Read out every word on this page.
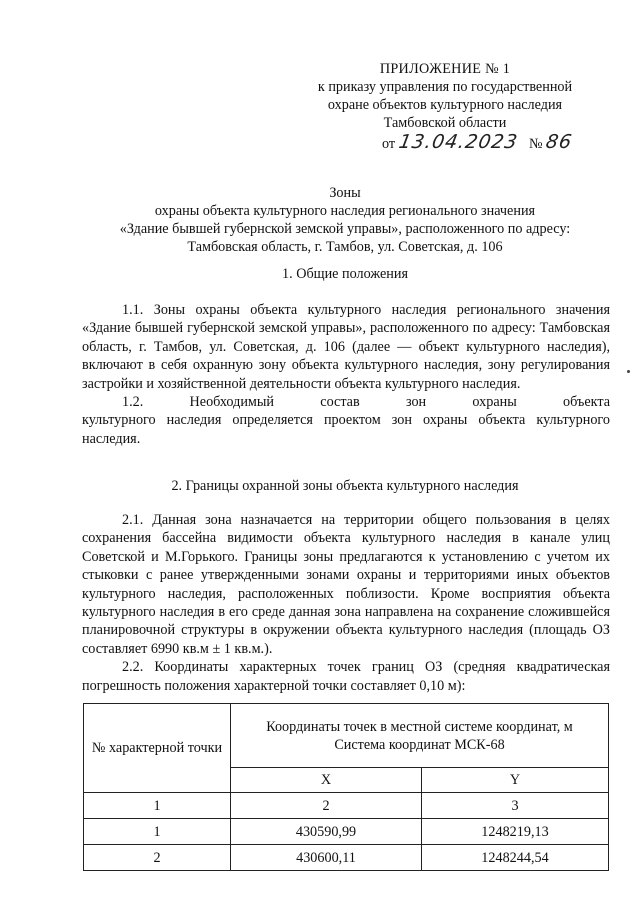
ПРИЛОЖЕНИЕ № 1
к приказу управления по государственной
охране объектов культурного наследия
Тамбовской области
от 13.04.2023 № 86
Зоны
охраны объекта культурного наследия регионального значения
«Здание бывшей губернской земской управы», расположенного по адресу:
Тамбовская область, г. Тамбов, ул. Советская, д. 106
1. Общие положения

1.1. Зоны охраны объекта культурного наследия регионального значения «Здание бывшей губернской земской управы», расположенного по адресу: Тамбовская область, г. Тамбов, ул. Советская, д. 106 (далее — объект культурного наследия), включают в себя охранную зону объекта культурного наследия, зону регулирования застройки и хозяйственной деятельности объекта культурного наследия.

1.2. Необходимый состав зон охраны объекта

культурного наследия определяется проектом зон охраны объекта культурного наследия.

2. Границы охранной зоны объекта культурного наследия

2.1. Данная зона назначается на территории общего пользования в целях сохранения бассейна видимости объекта культурного наследия в канале улиц Советской и М.Горького. Границы зоны предлагаются к установлению с учетом их стыковки с ранее утвержденными зонами охраны и территориями иных объектов культурного наследия, расположенных поблизости. Кроме восприятия объекта культурного наследия в его среде данная зона направлена на сохранение сложившейся планировочной структуры в окружении объекта культурного наследия (площадь ОЗ составляет 6990 кв.м ± 1 кв.м.).

2.2. Координаты характерных точек границ ОЗ (средняя квадратическая погрешность положения характерной точки составляет 0,10 м):

№ характерной точки	Координаты точек в местной системе координат, м
Система координат МСК-68	

	X	Y
1	2	3
1	430590,99	1248219,13
2	430600,11	1248244,54
